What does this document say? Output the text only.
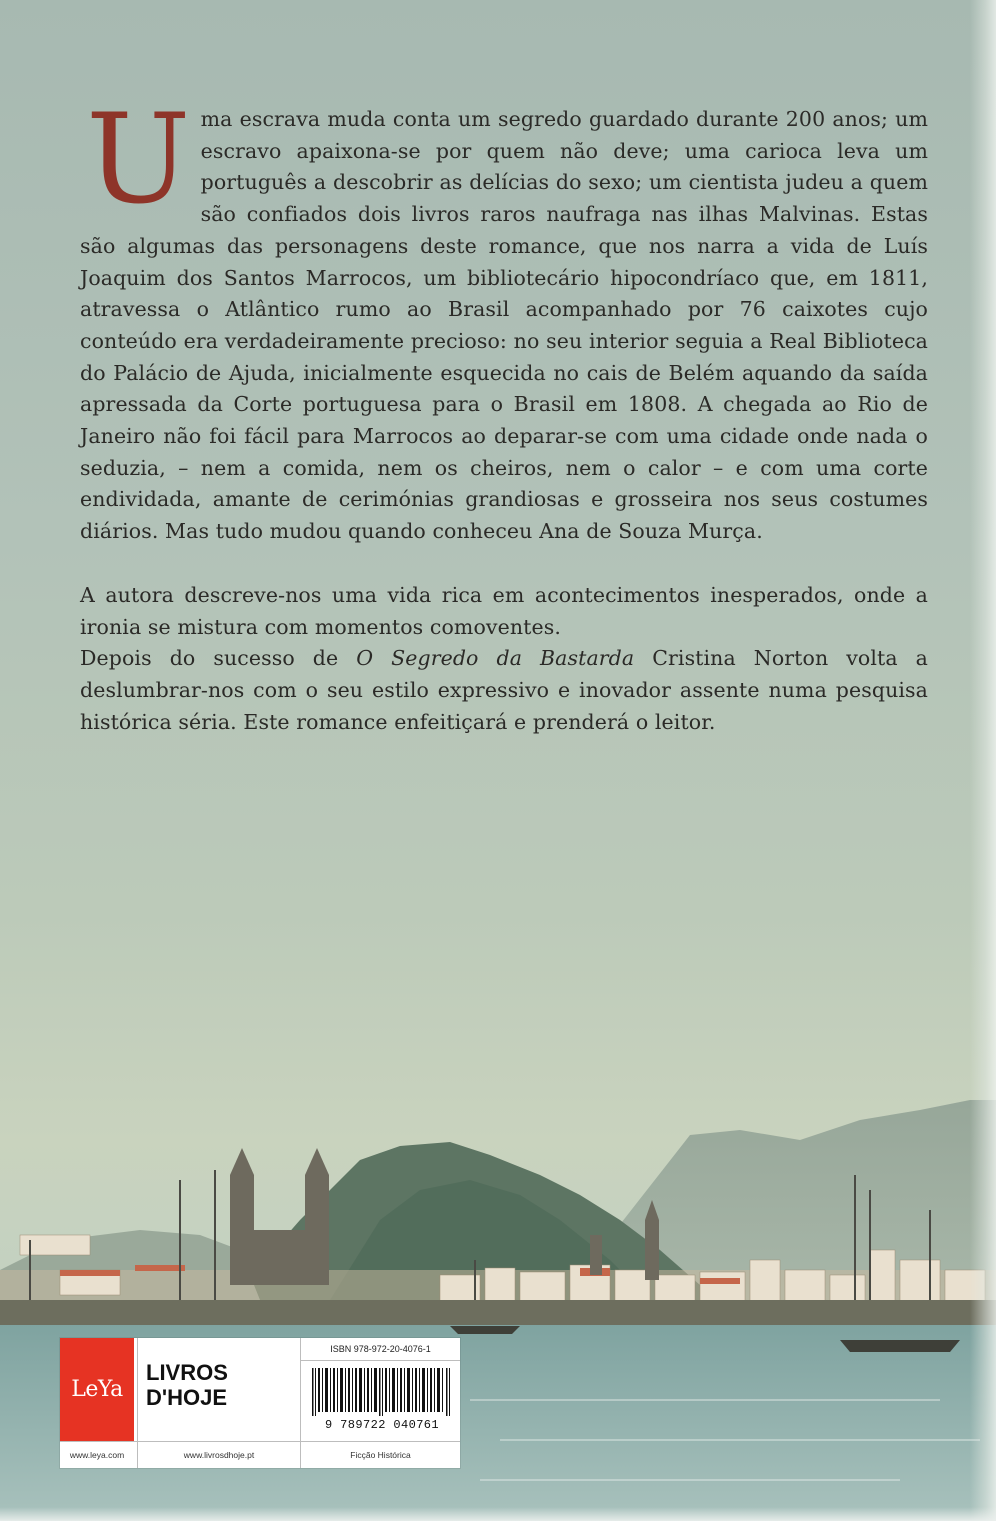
Uma escrava muda conta um segredo guardado durante 200 anos; um escravo apaixona-se por quem não deve; uma carioca leva um português a descobrir as delícias do sexo; um cientista judeu a quem são confiados dois livros raros naufraga nas ilhas Malvinas. Estas são algumas das personagens deste romance, que nos narra a vida de Luís Joaquim dos Santos Marrocos, um bibliotecário hipocondríaco que, em 1811, atravessa o Atlântico rumo ao Brasil acompanhado por 76 caixotes cujo conteúdo era verdadeiramente precioso: no seu interior seguia a Real Biblioteca do Palácio de Ajuda, inicialmente esquecida no cais de Belém aquando da saída apressada da Corte portuguesa para o Brasil em 1808. A chegada ao Rio de Janeiro não foi fácil para Marrocos ao deparar-se com uma cidade onde nada o seduzia, – nem a comida, nem os cheiros, nem o calor – e com uma corte endividada, amante de cerimónias grandiosas e grosseira nos seus costumes diários. Mas tudo mudou quando conheceu Ana de Souza Murça.

A autora descreve-nos uma vida rica em acontecimentos inesperados, onde a ironia se mistura com momentos comoventes.

Depois do sucesso de O Segredo da Bastarda Cristina Norton volta a deslumbrar-nos com o seu estilo expressivo e inovador assente numa pesquisa histórica séria. Este romance enfeitiçará e prenderá o leitor.

LeYa
www.leya.com
LIVROS
D'HOJE
www.livrosdhoje.pt
ISBN 978-972-20-4076-1
9 789722 040761
Ficção Histórica
